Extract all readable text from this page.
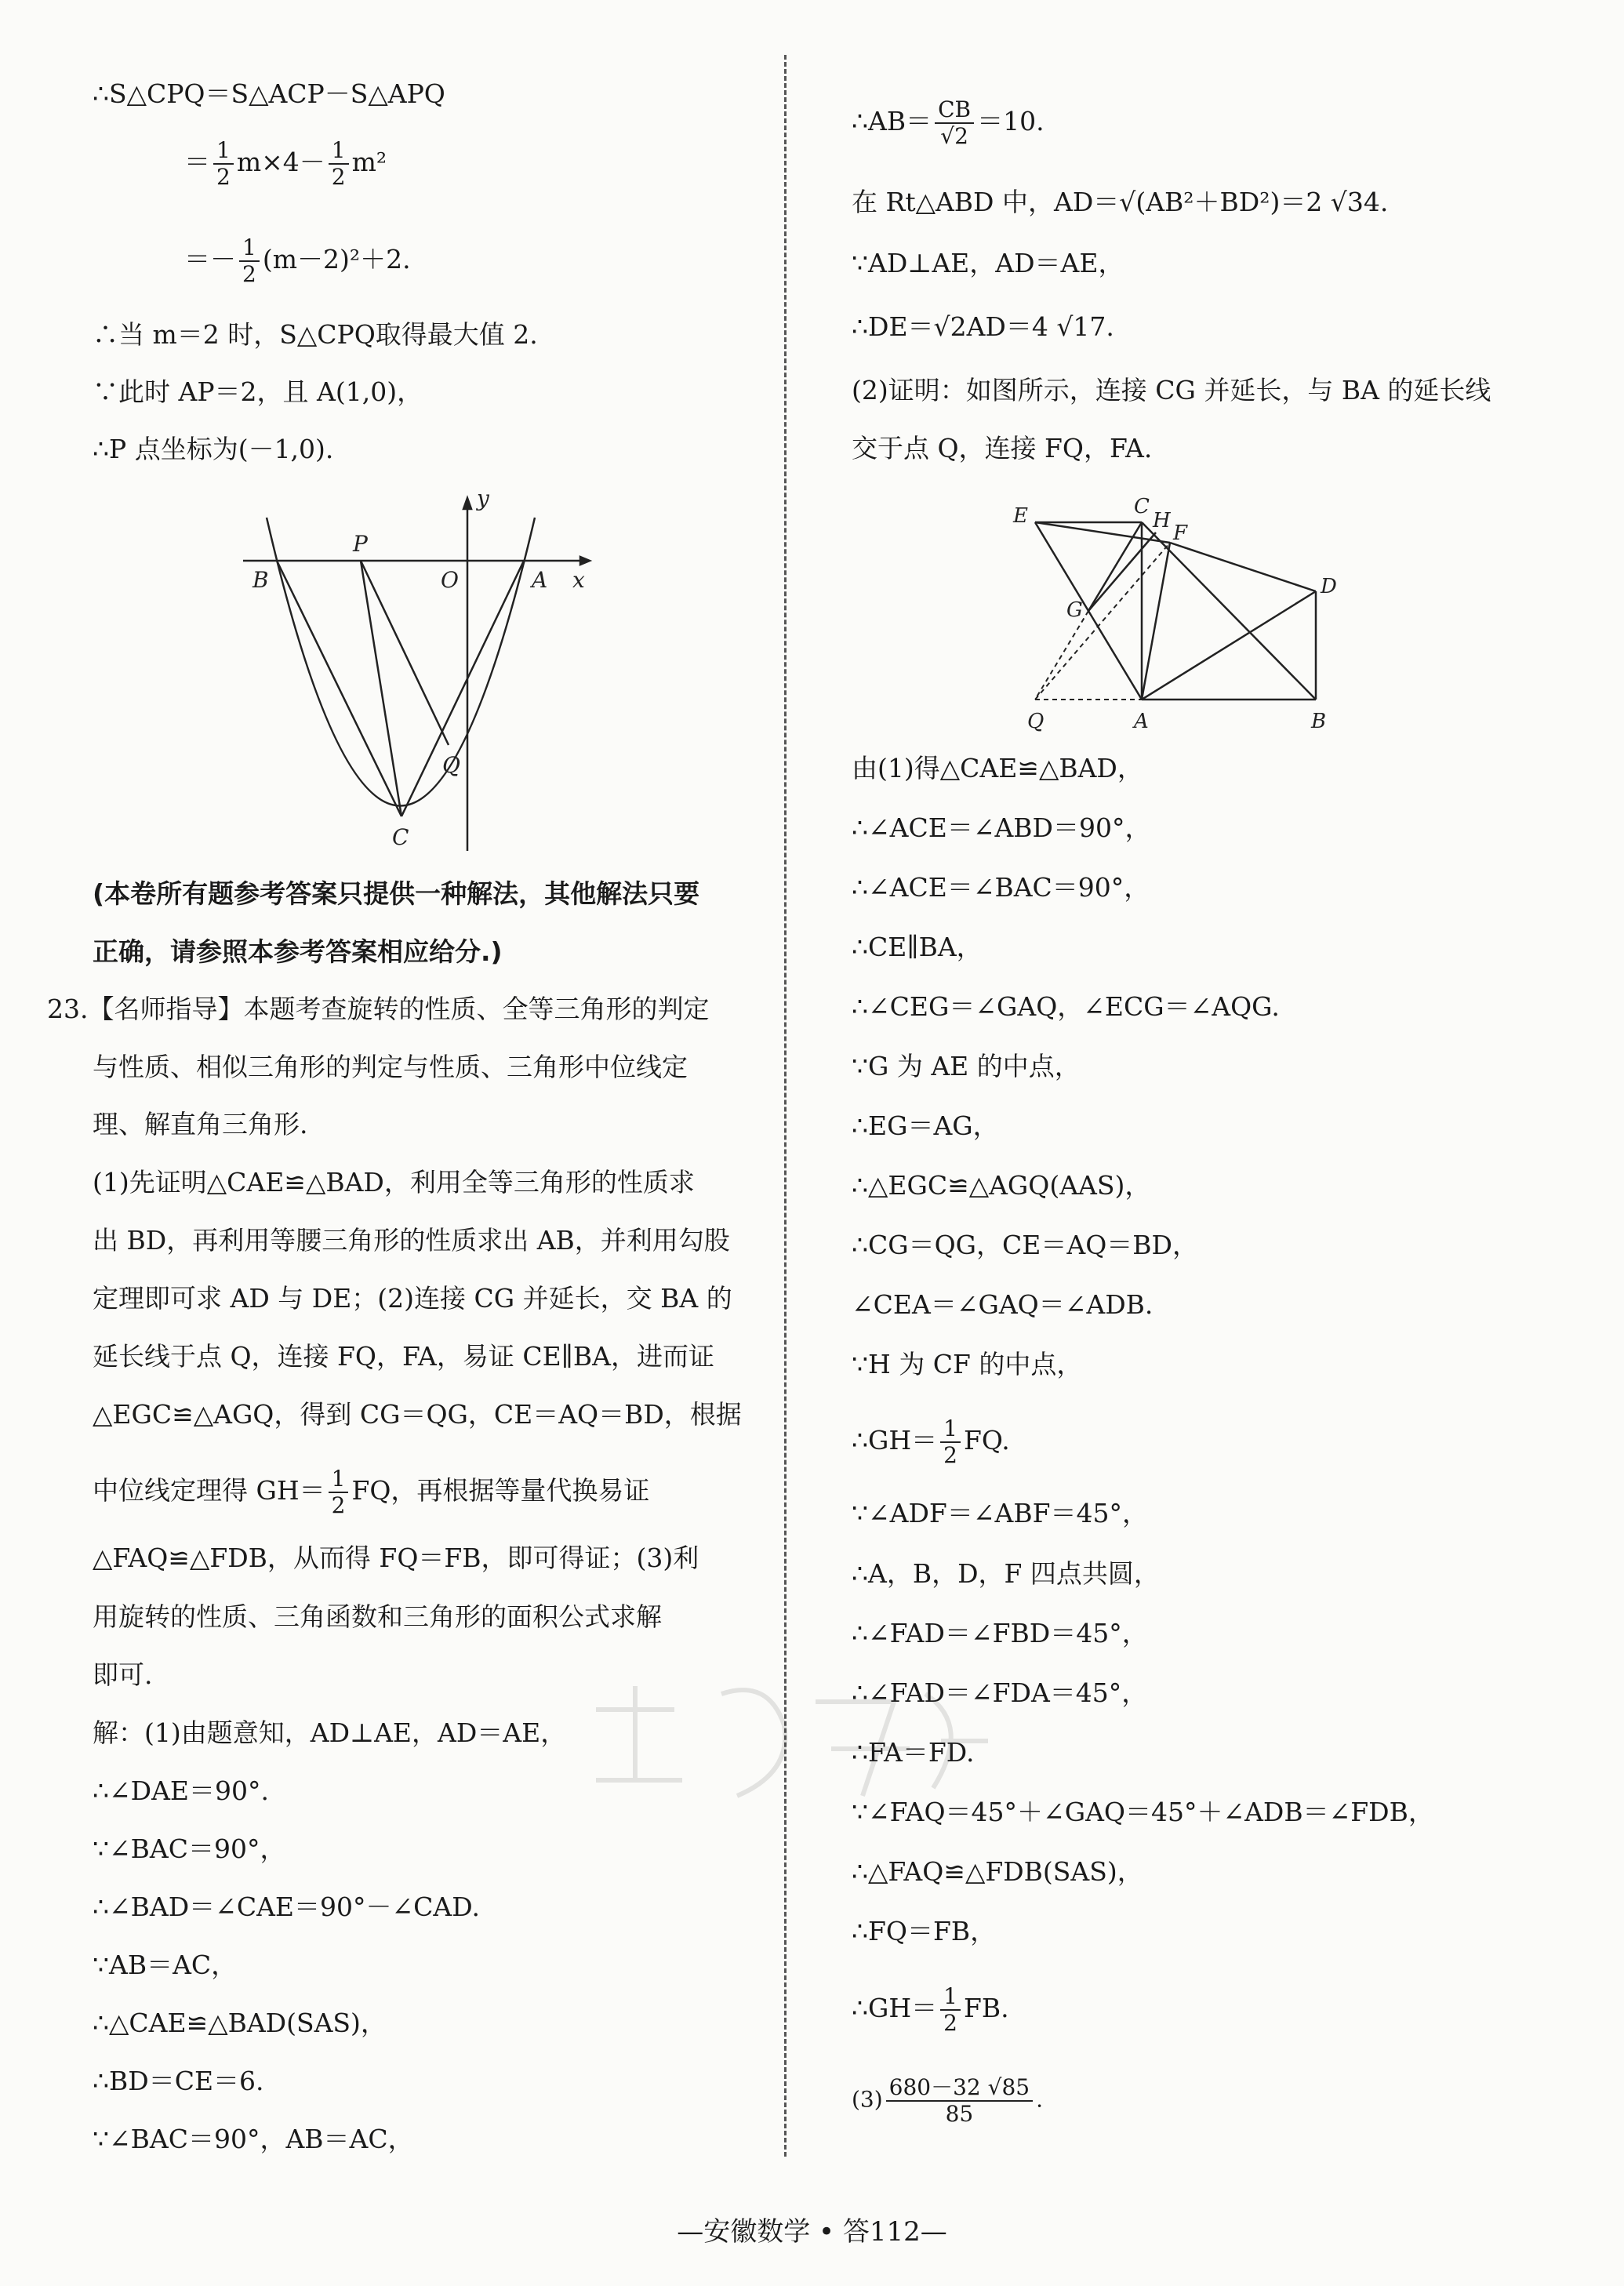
∴S△CPQ＝S△ACP－S△APQ
＝ $\frac{1}{2} m\times 4- \frac{1}{2} m^2$
＝－ $\frac{1}{2} (m-2)^2+2$.
∴当 m＝2 时，S△CPQ取得最大值 2.
∵此时 AP＝2，且 A(1,0)，
∴P 点坐标为(－1,0).
y
P
B	O	A x
Q
C
(本卷所有题参考答案只提供一种解法，其他解法只要
正确，请参照本参考答案相应给分.)
23.【名师指导】本题考查旋转的性质、全等三角形的判定
与性质、相似三角形的判定与性质、三角形中位线定
理、解直角三角形.
(1)先证明△CAE≌△BAD，利用全等三角形的性质求
出 BD，再利用等腰三角形的性质求出 AB，并利用勾股
定理即可求 AD 与 DE；(2)连接 CG 并延长，交 BA 的
延长线于点 Q，连接 FQ，FA，易证 CE∥BA，进而证
△EGC≌△AGQ，得到 CG＝QG，CE＝AQ＝BD，根据
中位线定理得 $GH= \frac{1}{2}$ FQ，再根据等量代换易证
△FAQ≌△FDB，从而得 FQ＝FB，即可得证；(3)利
用旋转的性质、三角函数和三角形的面积公式求解
即可.
解：(1)由题意知，AD⊥AE，AD＝AE，
∴∠DAE＝90°.
∵∠BAC＝90°，
∴∠BAD＝∠CAE＝90°－∠CAD.
∵AB＝AC，
∴△CAE≌△BAD(SAS)，
∴BD＝CE＝6.
∵∠BAC＝90°，AB＝AC，
∴AB＝ $\frac{CB}{√2} =10$.
在 Rt△ABD 中，AD＝√(AB²＋BD²)＝2 √34.
∵AD⊥AE，AD＝AE，
∴DE＝√2AD＝4 √17.
(2)证明：如图所示，连接 CG 并延长，与 BA 的延长线
交于点 Q，连接 FQ，FA.
E	C
H
F
D
G
Q	A	B
由(1)得△CAE≌△BAD，
∴∠ACE＝∠ABD＝90°，
∴∠ACE＝∠BAC＝90°，
∴CE∥BA，
∴∠CEG＝∠GAQ，∠ECG＝∠AQG.
∵G 为 AE 的中点，
∴EG＝AG，
∴△EGC≌△AGQ(AAS)，
∴CG＝QG，CE＝AQ＝BD，
∠CEA＝∠GAQ＝∠ADB.
∵H 为 CF 的中点，
∴GH＝ $\frac{1}{2}$ FQ.
∵∠ADF＝∠ABF＝45°，
∴A，B，D，F 四点共圆，
∴∠FAD＝∠FBD＝45°，
∴∠FAD＝∠FDA＝45°，
∴FA＝FD.
∵∠FAQ＝45°＋∠GAQ＝45°＋∠ADB＝∠FDB，
∴△FAQ≌△FDB(SAS)，
∴FQ＝FB，
∴GH＝ $\frac{1}{2}$ FB.
$(3) \frac{680-32 √85}{85}$ .
—安徽数学 • 答112—
